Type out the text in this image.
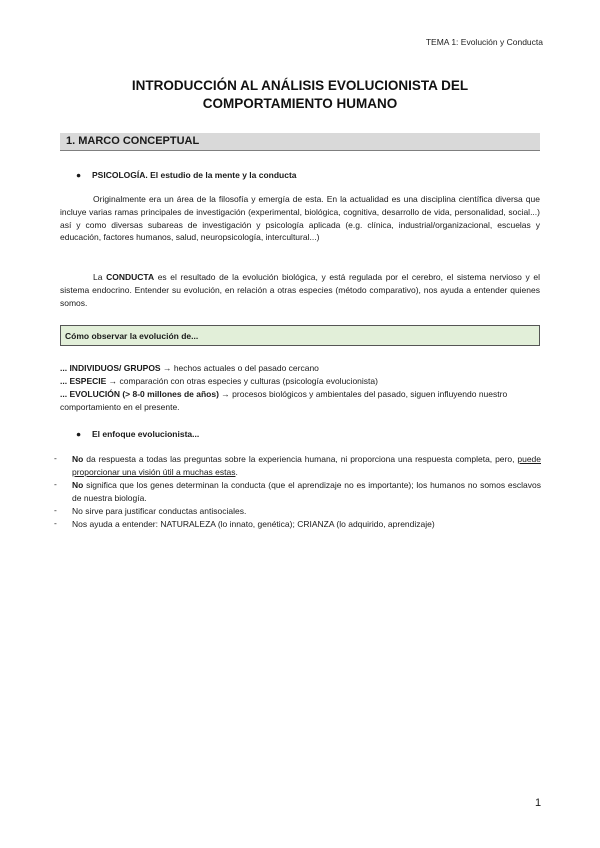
TEMA 1: Evolución y Conducta
INTRODUCCIÓN AL ANÁLISIS EVOLUCIONISTA DEL
COMPORTAMIENTO HUMANO
1. MARCO CONCEPTUAL
● PSICOLOGÍA. El estudio de la mente y la conducta
Originalmente era un área de la filosofía y emergía de esta. En la actualidad es una disciplina científica diversa que incluye varias ramas principales de investigación (experimental, biológica, cognitiva, desarrollo de vida, personalidad, social...) así y como diversas subareas de investigación y psicología aplicada (e.g. clínica, industrial/organizacional, escuelas y educación, factores humanos, salud, neuropsicología, intercultural...)
La CONDUCTA es el resultado de la evolución biológica, y está regulada por el cerebro, el sistema nervioso y el sistema endocrino. Entender su evolución, en relación a otras especies (método comparativo), nos ayuda a entender quienes somos.
Cómo observar la evolución de...
... INDIVIDUOS/ GRUPOS → hechos actuales o del pasado cercano
... ESPECIE → comparación con otras especies y culturas (psicología evolucionista)
... EVOLUCIÓN (> 8-0 millones de años) → procesos biológicos y ambientales del pasado, siguen influyendo nuestro comportamiento en el presente.
● El enfoque evolucionista...
- No da respuesta a todas las preguntas sobre la experiencia humana, ni proporciona una respuesta completa, pero, puede proporcionar una visión útil a muchas estas.
- No significa que los genes determinan la conducta (que el aprendizaje no es importante); los humanos no somos esclavos de nuestra biología.
- No sirve para justificar conductas antisociales.
- Nos ayuda a entender: NATURALEZA (lo innato, genética); CRIANZA (lo adquirido, aprendizaje)
1
